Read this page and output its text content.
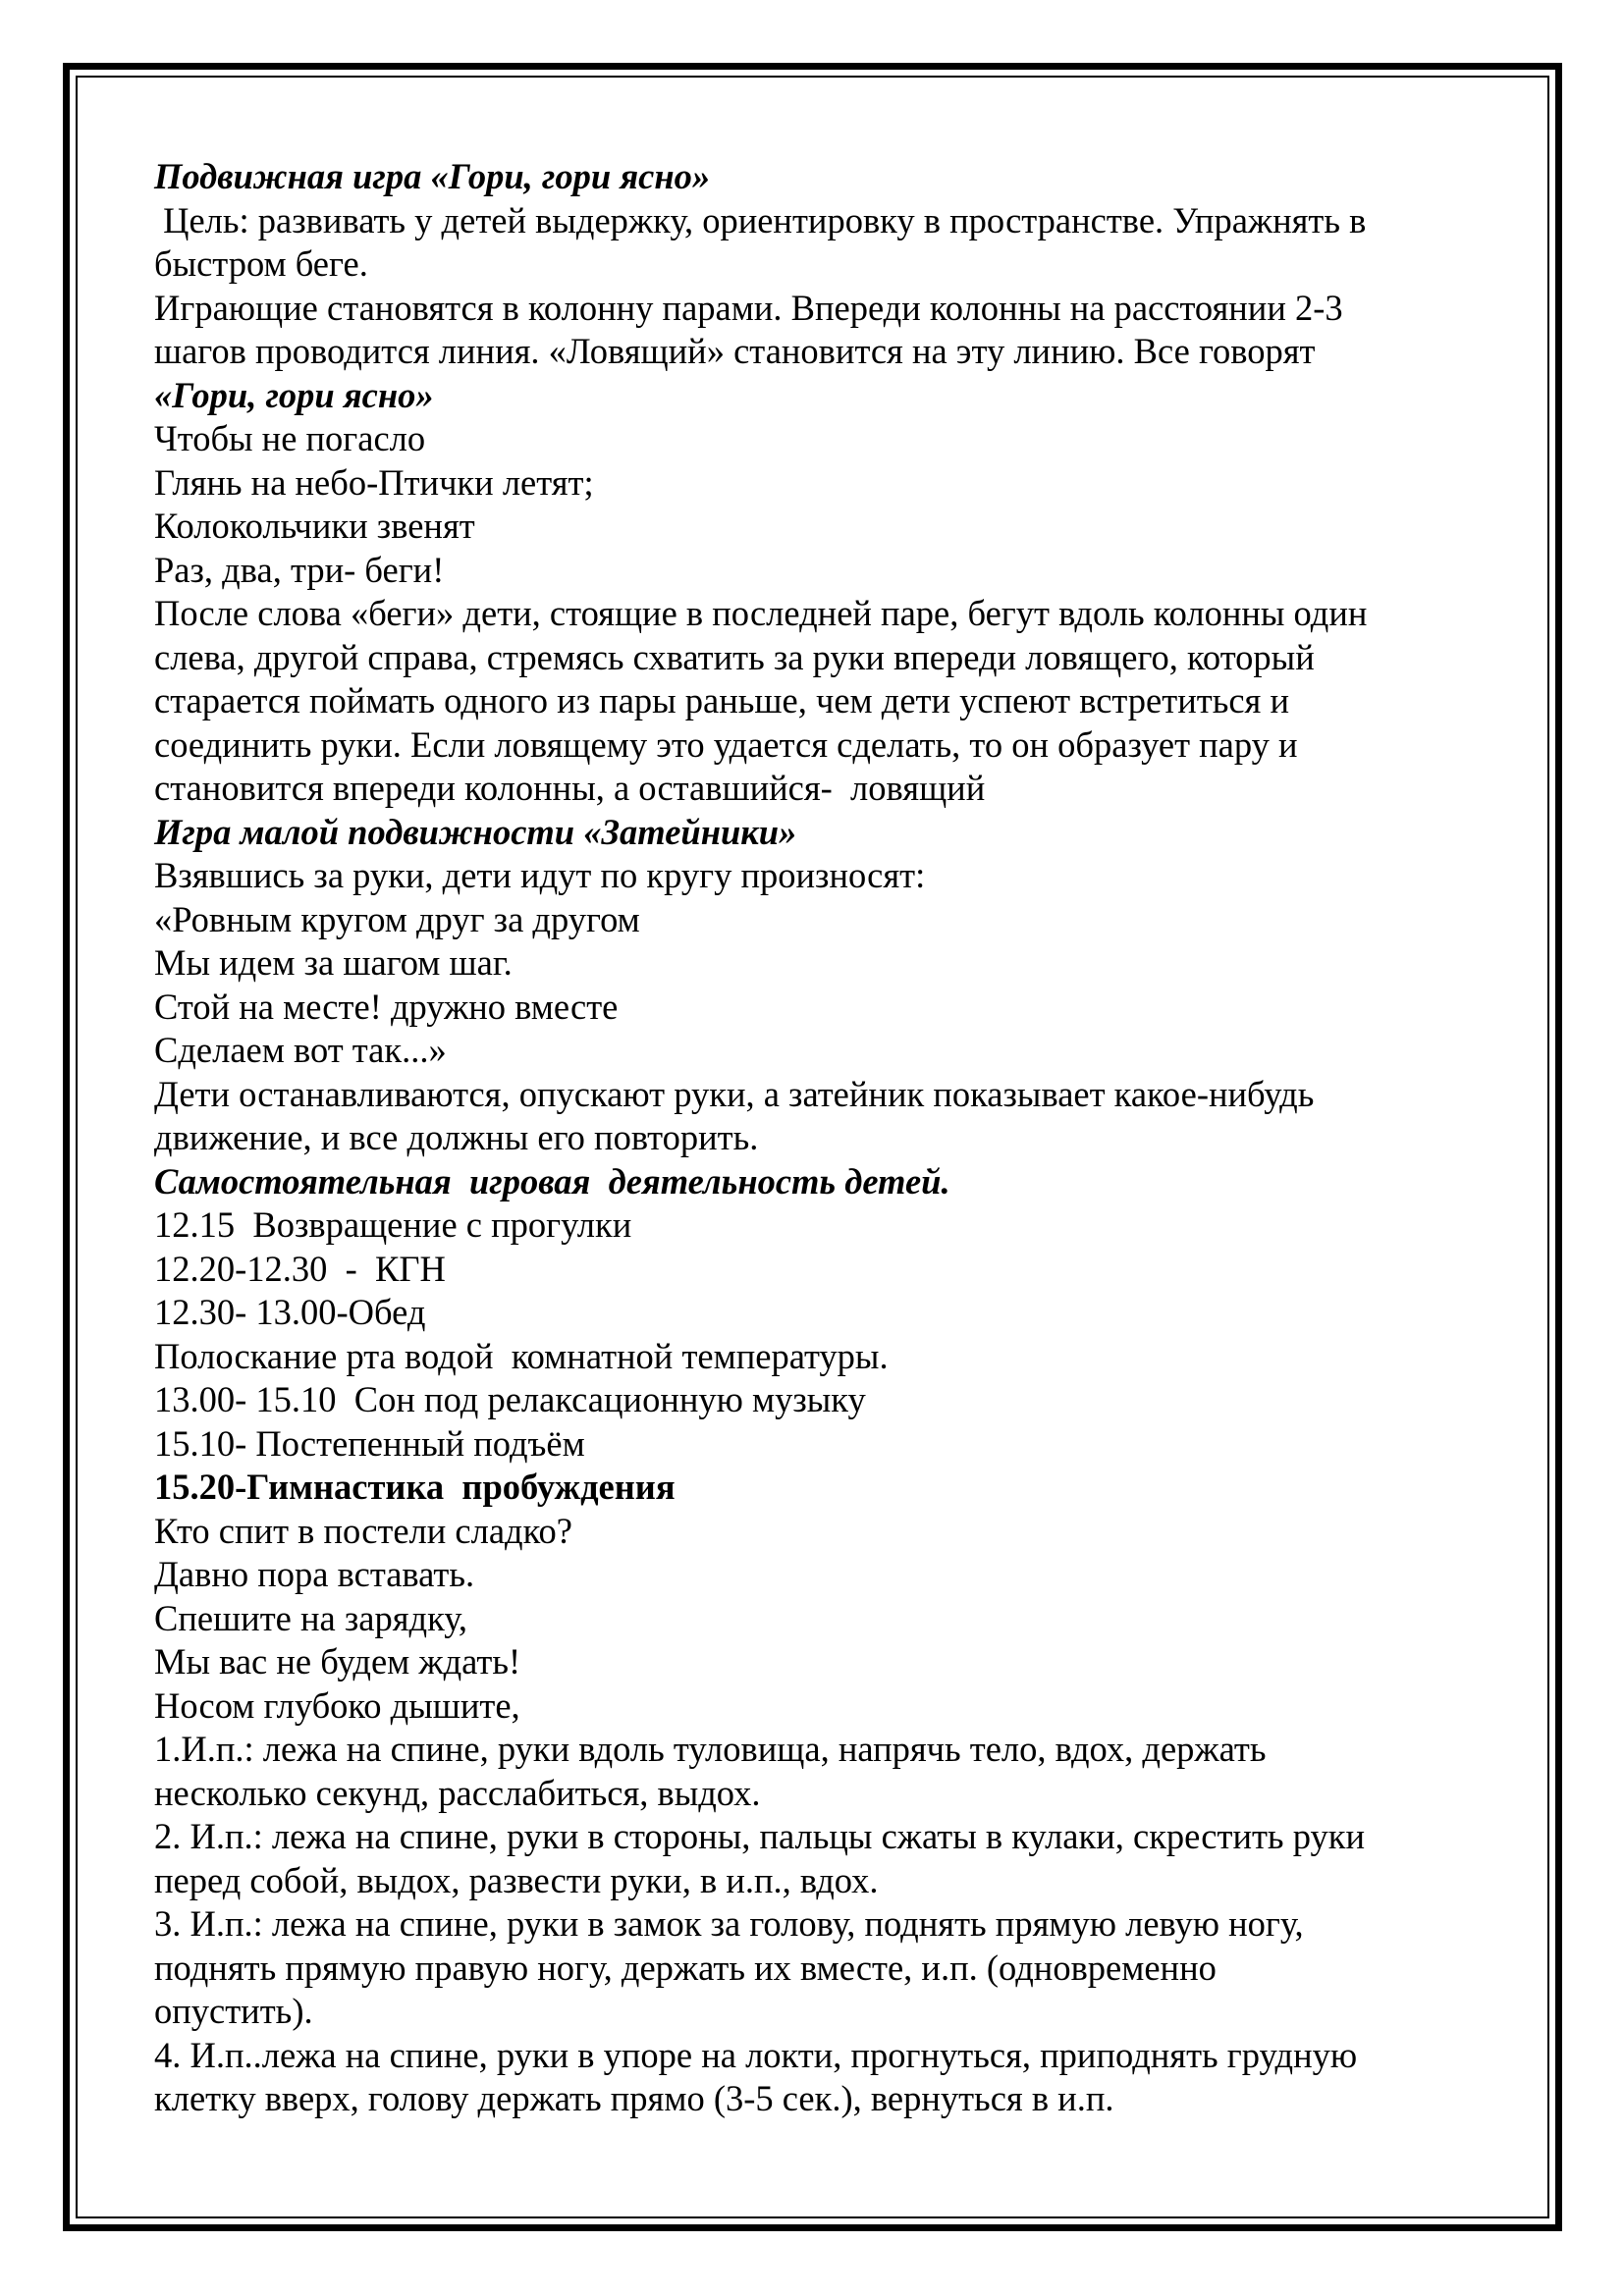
Подвижная игра «Гори, гори ясно»

Цель: развивать у детей выдержку, ориентировку в пространстве. Упражнять в

быстром беге.

Играющие становятся в колонну парами. Впереди колонны на расстоянии 2-3

шагов проводится линия. «Ловящий» становится на эту линию. Все говорят

«Гори, гори ясно»

Чтобы не погасло

Глянь на небо-Птички летят;

Колокольчики звенят

Раз, два, три- беги!

После слова «беги» дети, стоящие в последней паре, бегут вдоль колонны один

слева, другой справа, стремясь схватить за руки впереди ловящего, который

старается поймать одного из пары раньше, чем дети успеют встретиться и

соединить руки. Если ловящему это удается сделать, то он образует пару и

становится впереди колонны, а оставшийся-  ловящий

Игра малой подвижности «Затейники»

Взявшись за руки, дети идут по кругу произносят:

«Ровным кругом друг за другом

Мы идем за шагом шаг.

Стой на месте! дружно вместе

Сделаем вот так...»

Дети останавливаются, опускают руки, а затейник показывает какое-нибудь

движение, и все должны его повторить.

Самостоятельная  игровая  деятельность детей.

12.15  Возвращение с прогулки

12.20-12.30  -  КГН

12.30- 13.00-Обед

Полоскание рта водой  комнатной температуры.

13.00- 15.10  Сон под релаксационную музыку

15.10- Постепенный подъём

15.20-Гимнастика  пробуждения

Кто спит в постели сладко?

Давно пора вставать.

Спешите на зарядку,

Мы вас не будем ждать!

Носом глубоко дышите,

1.И.п.: лежа на спине, руки вдоль туловища, напрячь тело, вдох, держать

несколько секунд, расслабиться, выдох.

2. И.п.: лежа на спине, руки в стороны, пальцы сжаты в кулаки, скрестить руки

перед собой, выдох, развести руки, в и.п., вдох.

3. И.п.: лежа на спине, руки в замок за голову, поднять прямую левую ногу,

поднять прямую правую ногу, держать их вместе, и.п. (одновременно

опустить).

4. И.п..лежа на спине, руки в упоре на локти, прогнуться, приподнять грудную

клетку вверх, голову держать прямо (3-5 сек.), вернуться в и.п.
